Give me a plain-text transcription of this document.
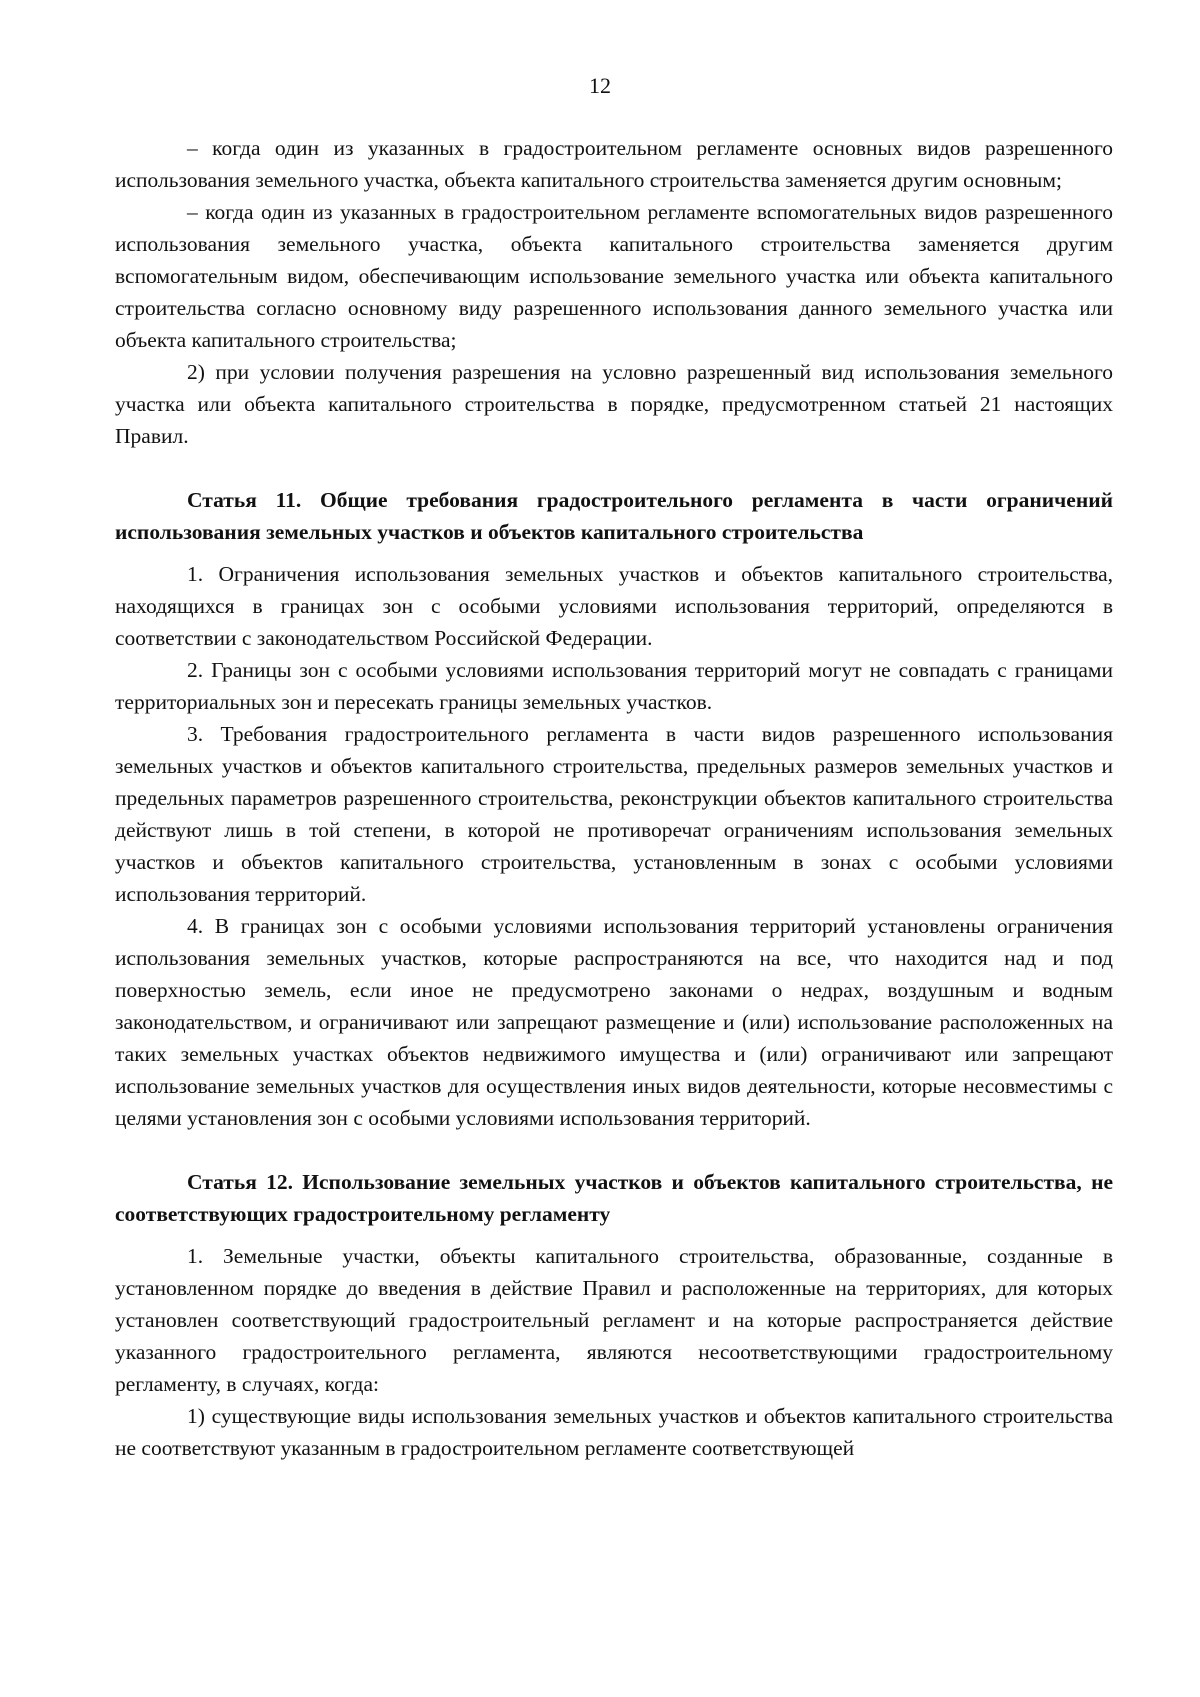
12

– когда один из указанных в градостроительном регламенте основных видов разрешенного использования земельного участка, объекта капитального строительства заменяется другим основным;

– когда один из указанных в градостроительном регламенте вспомогательных видов разрешенного использования земельного участка, объекта капитального строительства заменяется другим вспомогательным видом, обеспечивающим использование земельного участка или объекта капитального строительства согласно основному виду разрешенного использования данного земельного участка или объекта капитального строительства;

2) при условии получения разрешения на условно разрешенный вид использования земельного участка или объекта капитального строительства в порядке, предусмотренном статьей 21 настоящих Правил.

Статья 11. Общие требования градостроительного регламента в части ограничений использования земельных участков и объектов капитального строительства

1. Ограничения использования земельных участков и объектов капитального строительства, находящихся в границах зон с особыми условиями использования территорий, определяются в соответствии с законодательством Российской Федерации.

2. Границы зон с особыми условиями использования территорий могут не совпадать с границами территориальных зон и пересекать границы земельных участков.

3. Требования градостроительного регламента в части видов разрешенного использования земельных участков и объектов капитального строительства, предельных размеров земельных участков и предельных параметров разрешенного строительства, реконструкции объектов капитального строительства действуют лишь в той степени, в которой не противоречат ограничениям использования земельных участков и объектов капитального строительства, установленным в зонах с особыми условиями использования территорий.

4. В границах зон с особыми условиями использования территорий установлены ограничения использования земельных участков, которые распространяются на все, что находится над и под поверхностью земель, если иное не предусмотрено законами о недрах, воздушным и водным законодательством, и ограничивают или запрещают размещение и (или) использование расположенных на таких земельных участках объектов недвижимого имущества и (или) ограничивают или запрещают использование земельных участков для осуществления иных видов деятельности, которые несовместимы с целями установления зон с особыми условиями использования территорий.

Статья 12. Использование земельных участков и объектов капитального строительства, не соответствующих градостроительному регламенту

1. Земельные участки, объекты капитального строительства, образованные, созданные в установленном порядке до введения в действие Правил и расположенные на территориях, для которых установлен соответствующий градостроительный регламент и на которые распространяется действие указанного градостроительного регламента, являются несоответствующими градостроительному регламенту, в случаях, когда:

1) существующие виды использования земельных участков и объектов капитального строительства не соответствуют указанным в градостроительном регламенте соответствующей
